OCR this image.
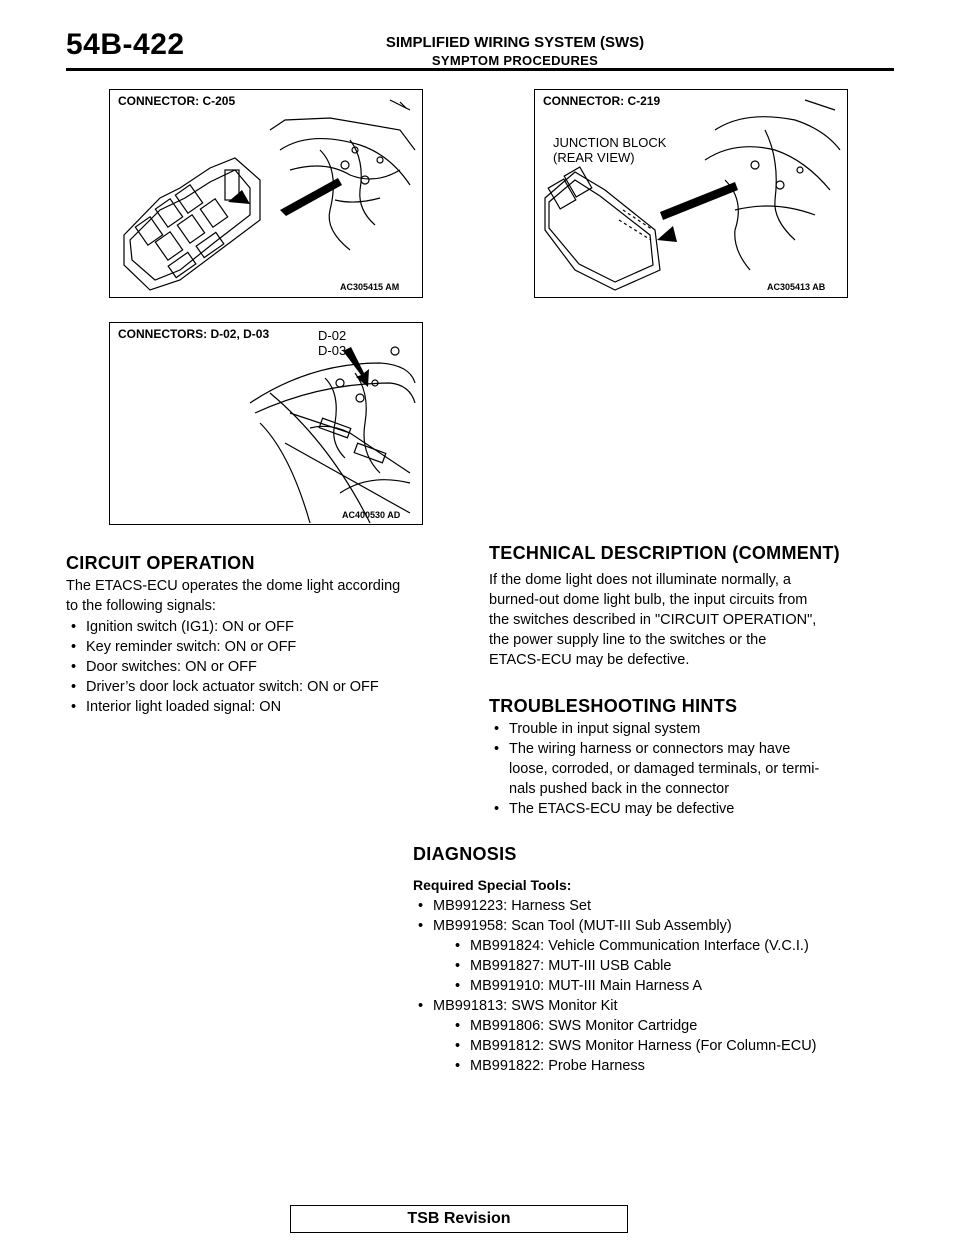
54B-422	SIMPLIFIED WIRING SYSTEM (SWS)
SYMPTOM PROCEDURES
CONNECTOR: C-205
AC305415 AM
CONNECTOR: C-219
JUNCTION BLOCK
(REAR VIEW)
AC305413 AB
CONNECTORS: D-02, D-03	D-02
D-03
AC400530 AD
CIRCUIT OPERATION
The ETACS-ECU operates the dome light according
to the following signals:
• Ignition switch (IG1): ON or OFF
• Key reminder switch: ON or OFF
• Door switches: ON or OFF
• Driver’s door lock actuator switch: ON or OFF
• Interior light loaded signal: ON
TECHNICAL DESCRIPTION (COMMENT)
If the dome light does not illuminate normally, a
burned-out dome light bulb, the input circuits from
the switches described in "CIRCUIT OPERATION",
the power supply line to the switches or the
ETACS-ECU may be defective.
TROUBLESHOOTING HINTS
• Trouble in input signal system
• The wiring harness or connectors may have
loose, corroded, or damaged terminals, or termi-
nals pushed back in the connector
• The ETACS-ECU may be defective
DIAGNOSIS
Required Special Tools:
• MB991223: Harness Set
• MB991958: Scan Tool (MUT-III Sub Assembly)
• MB991824: Vehicle Communication Interface (V.C.I.)
• MB991827: MUT-III USB Cable
• MB991910: MUT-III Main Harness A
• MB991813: SWS Monitor Kit
• MB991806: SWS Monitor Cartridge
• MB991812: SWS Monitor Harness (For Column-ECU)
• MB991822: Probe Harness
TSB Revision
